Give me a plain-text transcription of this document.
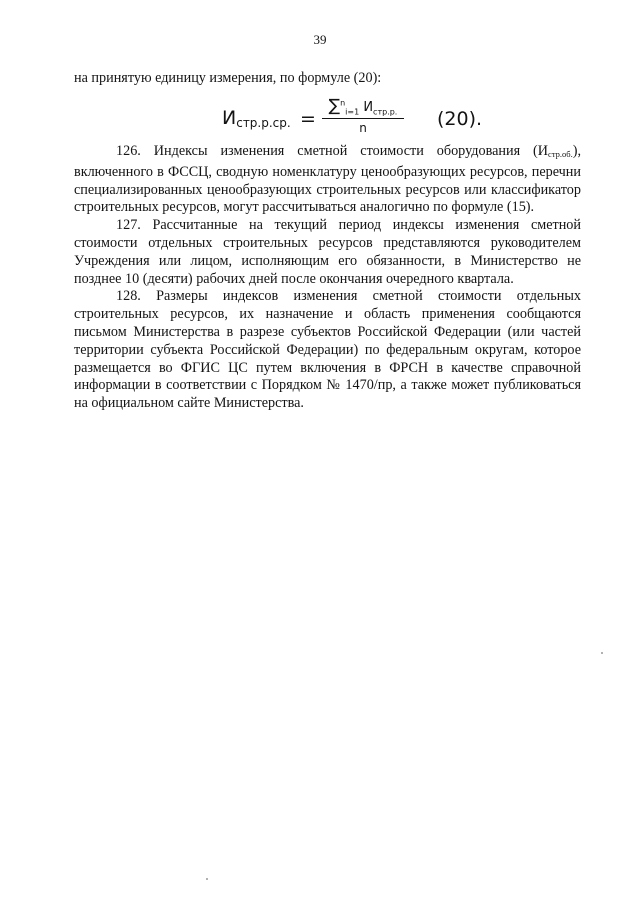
39
на принятую единицу измерения, по формуле (20):
$И_{стр.р.ср.}$ =
∑$^n_{i=1}$ $И_{стр.р.}$
n	(20).

126. Индексы изменения сметной стоимости оборудования $(И_{стр.об.})$, включенного в ФССЦ, сводную номенклатуру ценообразующих ресурсов, перечни специализированных ценообразующих строительных ресурсов или классификатор строительных ресурсов, могут рассчитываться аналогично по формуле (15).

127. Рассчитанные на текущий период индексы изменения сметной стоимости отдельных строительных ресурсов представляются руководителем Учреждения или лицом, исполняющим его обязанности, в Министерство не позднее 10 (десяти) рабочих дней после окончания очередного квартала.

128. Размеры индексов изменения сметной стоимости отдельных строительных ресурсов, их назначение и область применения сообщаются письмом Министерства в разрезе субъектов Российской Федерации (или частей территории субъекта Российской Федерации) по федеральным округам, которое размещается во ФГИС ЦС путем включения в ФРСН в качестве справочной информации в соответствии с Порядком № 1470/пр, а также может публиковаться на официальном сайте Министерства.
